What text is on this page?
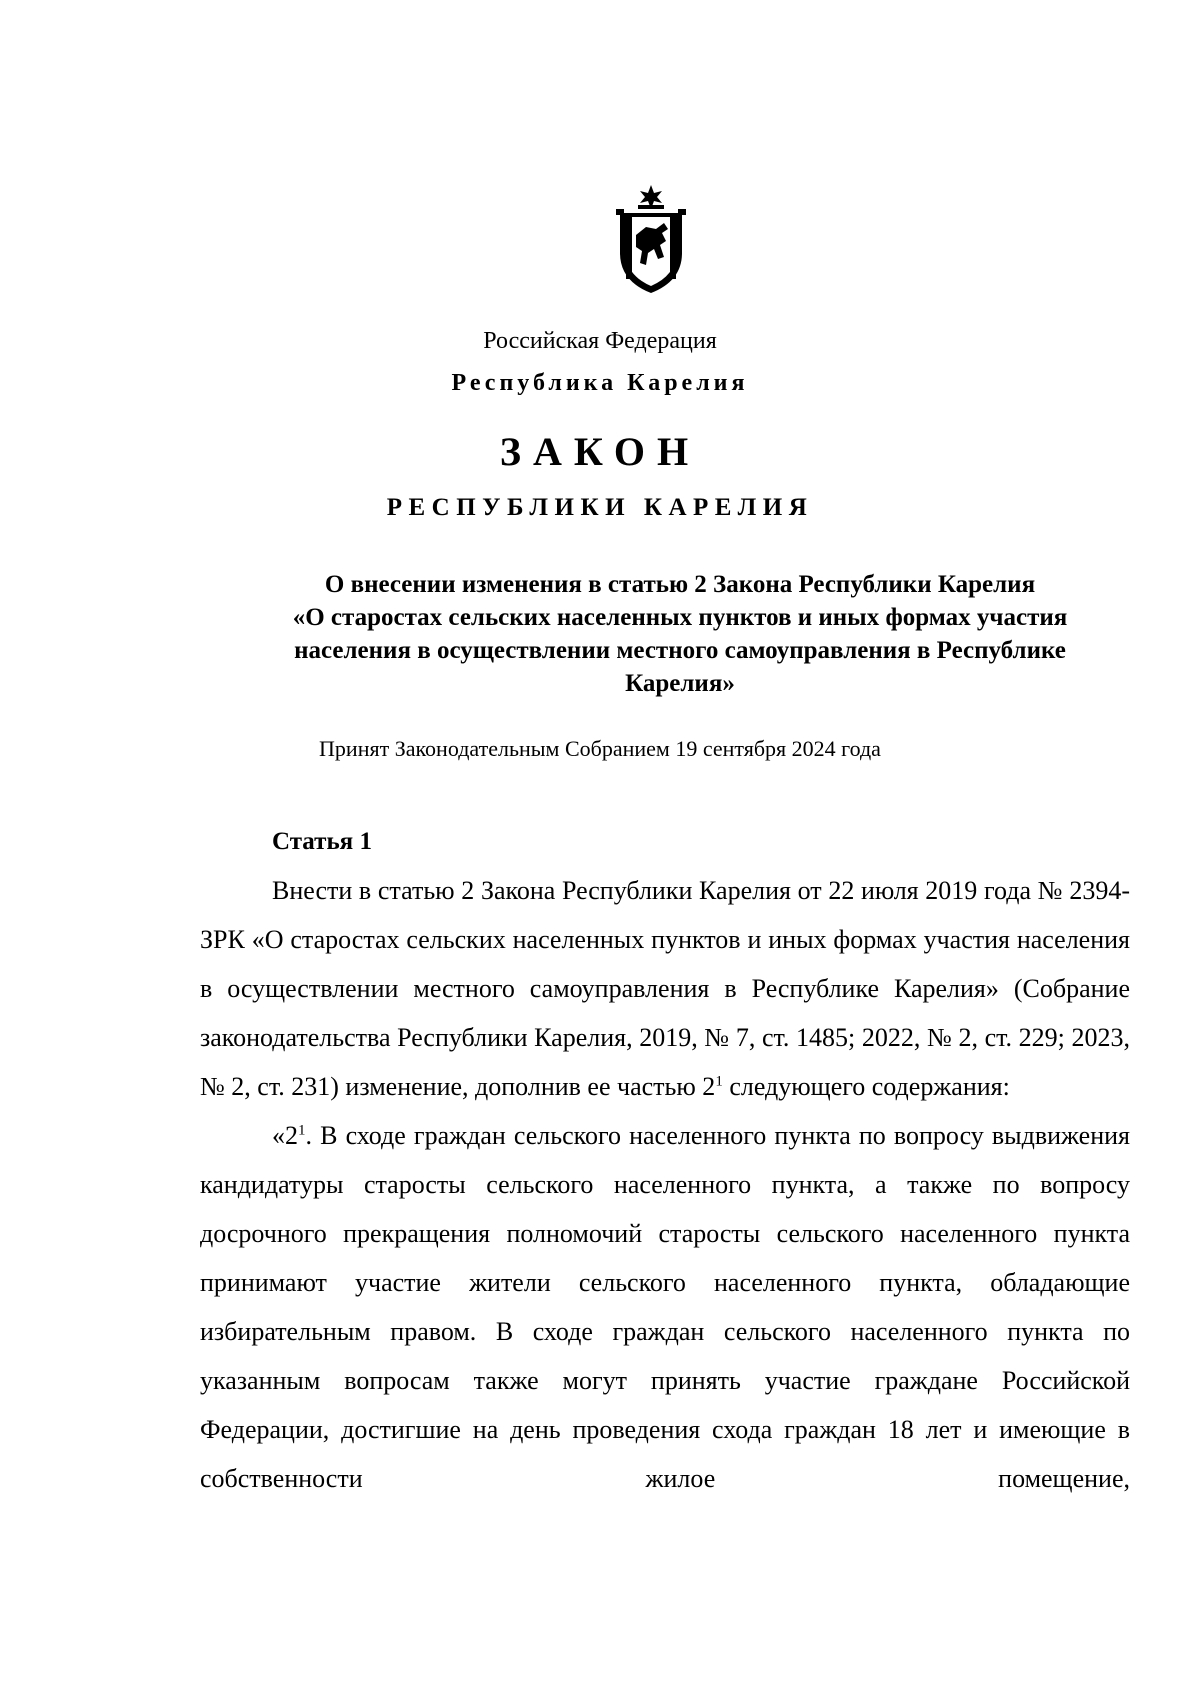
Российская Федерация
Республика Карелия
ЗАКОН
РЕСПУБЛИКИ КАРЕЛИЯ
О внесении изменения в статью 2 Закона Республики Карелия
«О старостах сельских населенных пунктов и иных формах участия
населения в осуществлении местного самоуправления в Республике
Карелия»
Принят Законодательным Собранием 19 сентября 2024 года
Статья 1

Внести в статью 2 Закона Республики Карелия от 22 июля 2019 года № 2394-ЗРК «О старостах сельских населенных пунктов и иных формах участия населения в осуществлении местного самоуправления в Республике Карелия» (Собрание законодательства Республики Карелия, 2019, № 7, ст. 1485; 2022, № 2, ст. 229; 2023, № 2, ст. 231) изменение, дополнив ее частью $2^1$ следующего содержания:

«$2^1$. В сходе граждан сельского населенного пункта по вопросу выдвижения кандидатуры старосты сельского населенного пункта, а также по вопросу досрочного прекращения полномочий старосты сельского населенного пункта принимают участие жители сельского населенного пункта, обладающие избирательным правом. В сходе граждан сельского населенного пункта по указанным вопросам также могут принять участие граждане Российской Федерации, достигшие на день проведения схода граждан 18 лет и имеющие в собственности жилое помещение,
